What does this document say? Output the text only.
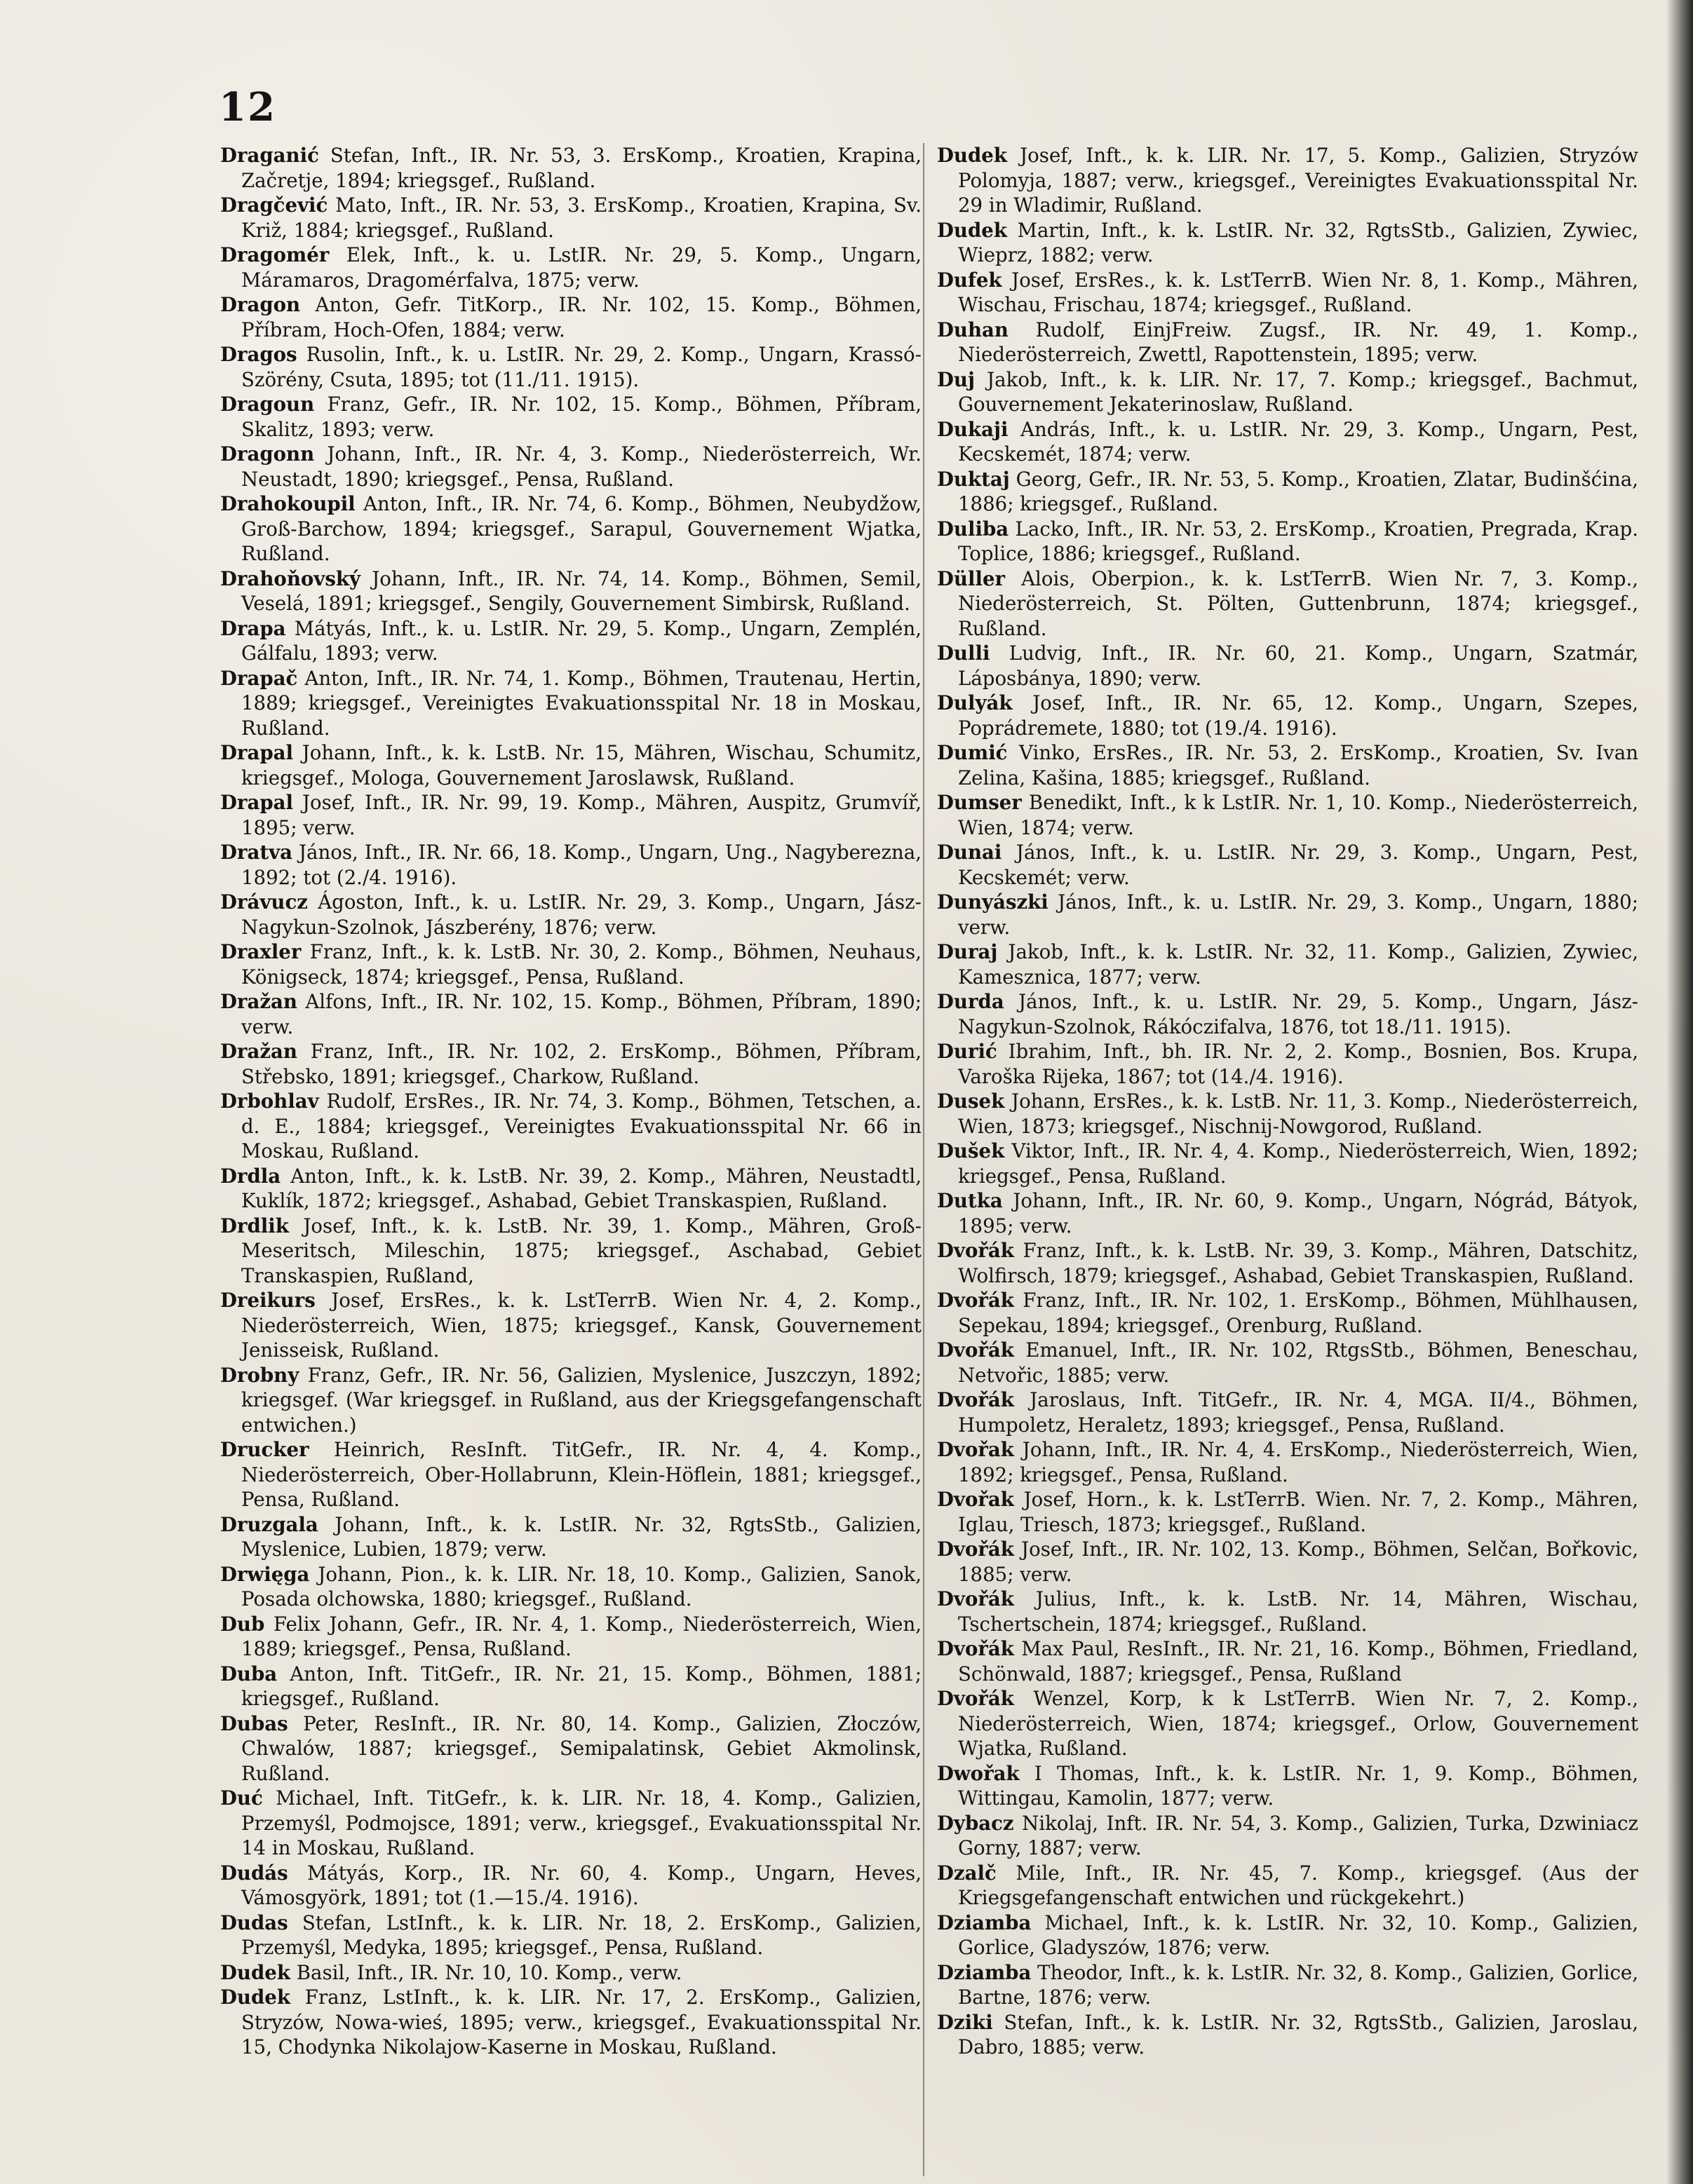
12

Draganić Stefan, Inft., IR. Nr. 53, 3. ErsKomp., Kroatien, Krapina, Začretje, 1894; kriegsgef., Rußland.

Dragčević Mato, Inft., IR. Nr. 53, 3. ErsKomp., Kroatien, Krapina, Sv. Križ, 1884; kriegsgef., Rußland.

Dragomér Elek, Inft., k. u. LstIR. Nr. 29, 5. Komp., Ungarn, Máramaros, Dragomérfalva, 1875; verw.

Dragon Anton, Gefr. TitKorp., IR. Nr. 102, 15. Komp., Böhmen, Příbram, Hoch-Ofen, 1884; verw.

Dragos Rusolin, Inft., k. u. LstIR. Nr. 29, 2. Komp., Ungarn, Krassó-Szörény, Csuta, 1895; tot (11./11. 1915).

Dragoun Franz, Gefr., IR. Nr. 102, 15. Komp., Böhmen, Příbram, Skalitz, 1893; verw.

Dragonn Johann, Inft., IR. Nr. 4, 3. Komp., Niederösterreich, Wr. Neustadt, 1890; kriegsgef., Pensa, Rußland.

Drahokoupil Anton, Inft., IR. Nr. 74, 6. Komp., Böhmen, Neubydžow, Groß-Barchow, 1894; kriegsgef., Sarapul, Gouvernement Wjatka, Rußland.

Drahoňovský Johann, Inft., IR. Nr. 74, 14. Komp., Böhmen, Semil, Veselá, 1891; kriegsgef., Sengily, Gouvernement Simbirsk, Rußland.

Drapa Mátyás, Inft., k. u. LstIR. Nr. 29, 5. Komp., Ungarn, Zemplén, Gálfalu, 1893; verw.

Drapač Anton, Inft., IR. Nr. 74, 1. Komp., Böhmen, Trautenau, Hertin, 1889; kriegsgef., Vereinigtes Evakuationsspital Nr. 18 in Moskau, Rußland.

Drapal Johann, Inft., k. k. LstB. Nr. 15, Mähren, Wischau, Schumitz, kriegsgef., Mologa, Gouvernement Jaroslawsk, Rußland.

Drapal Josef, Inft., IR. Nr. 99, 19. Komp., Mähren, Auspitz, Grumvíř, 1895; verw.

Dratva János, Inft., IR. Nr. 66, 18. Komp., Ungarn, Ung., Nagyberezna, 1892; tot (2./4. 1916).

Drávucz Ágoston, Inft., k. u. LstIR. Nr. 29, 3. Komp., Ungarn, Jász-Nagykun-Szolnok, Jászberény, 1876; verw.

Draxler Franz, Inft., k. k. LstB. Nr. 30, 2. Komp., Böhmen, Neuhaus, Königseck, 1874; kriegsgef., Pensa, Rußland.

Dražan Alfons, Inft., IR. Nr. 102, 15. Komp., Böhmen, Příbram, 1890; verw.

Dražan Franz, Inft., IR. Nr. 102, 2. ErsKomp., Böhmen, Příbram, Střebsko, 1891; kriegsgef., Charkow, Rußland.

Drbohlav Rudolf, ErsRes., IR. Nr. 74, 3. Komp., Böhmen, Tetschen, a. d. E., 1884; kriegsgef., Vereinigtes Evakuationsspital Nr. 66 in Moskau, Rußland.

Drdla Anton, Inft., k. k. LstB. Nr. 39, 2. Komp., Mähren, Neustadtl, Kuklík, 1872; kriegsgef., Ashabad, Gebiet Transkaspien, Rußland.

Drdlik Josef, Inft., k. k. LstB. Nr. 39, 1. Komp., Mähren, Groß-Meseritsch, Mileschin, 1875; kriegsgef., Aschabad, Gebiet Transkaspien, Rußland,

Dreikurs Josef, ErsRes., k. k. LstTerrB. Wien Nr. 4, 2. Komp., Niederösterreich, Wien, 1875; kriegsgef., Kansk, Gouvernement Jenisseisk, Rußland.

Drobny Franz, Gefr., IR. Nr. 56, Galizien, Myslenice, Juszczyn, 1892; kriegsgef. (War kriegsgef. in Rußland, aus der Kriegsgefangenschaft entwichen.)

Drucker Heinrich, ResInft. TitGefr., IR. Nr. 4, 4. Komp., Niederösterreich, Ober-Hollabrunn, Klein-Höflein, 1881; kriegsgef., Pensa, Rußland.

Druzgala Johann, Inft., k. k. LstIR. Nr. 32, RgtsStb., Galizien, Myslenice, Lubien, 1879; verw.

Drwięga Johann, Pion., k. k. LIR. Nr. 18, 10. Komp., Galizien, Sanok, Posada olchowska, 1880; kriegsgef., Rußland.

Dub Felix Johann, Gefr., IR. Nr. 4, 1. Komp., Niederösterreich, Wien, 1889; kriegsgef., Pensa, Rußland.

Duba Anton, Inft. TitGefr., IR. Nr. 21, 15. Komp., Böhmen, 1881; kriegsgef., Rußland.

Dubas Peter, ResInft., IR. Nr. 80, 14. Komp., Galizien, Złoczów, Chwalów, 1887; kriegsgef., Semipalatinsk, Gebiet Akmolinsk, Rußland.

Duć Michael, Inft. TitGefr., k. k. LIR. Nr. 18, 4. Komp., Galizien, Przemyśl, Podmojsce, 1891; verw., kriegsgef., Evakuationsspital Nr. 14 in Moskau, Rußland.

Dudás Mátyás, Korp., IR. Nr. 60, 4. Komp., Ungarn, Heves, Vámosgyörk, 1891; tot (1.—15./4. 1916).

Dudas Stefan, LstInft., k. k. LIR. Nr. 18, 2. ErsKomp., Galizien, Przemyśl, Medyka, 1895; kriegsgef., Pensa, Rußland.

Dudek Basil, Inft., IR. Nr. 10, 10. Komp., verw.

Dudek Franz, LstInft., k. k. LIR. Nr. 17, 2. ErsKomp., Galizien, Stryzów, Nowa-wieś, 1895; verw., kriegsgef., Evakuationsspital Nr. 15, Chodynka Nikolajow-Kaserne in Moskau, Rußland.

Dudek Josef, Inft., k. k. LIR. Nr. 17, 5. Komp., Galizien, Stryzów Polomyja, 1887; verw., kriegsgef., Vereinigtes Evakuationsspital Nr. 29 in Wladimir, Rußland.

Dudek Martin, Inft., k. k. LstIR. Nr. 32, RgtsStb., Galizien, Zywiec, Wieprz, 1882; verw.

Dufek Josef, ErsRes., k. k. LstTerrB. Wien Nr. 8, 1. Komp., Mähren, Wischau, Frischau, 1874; kriegsgef., Rußland.

Duhan Rudolf, EinjFreiw. Zugsf., IR. Nr. 49, 1. Komp., Niederösterreich, Zwettl, Rapottenstein, 1895; verw.

Duj Jakob, Inft., k. k. LIR. Nr. 17, 7. Komp.; kriegsgef., Bachmut, Gouvernement Jekaterinoslaw, Rußland.

Dukaji András, Inft., k. u. LstIR. Nr. 29, 3. Komp., Ungarn, Pest, Kecskemét, 1874; verw.

Duktaj Georg, Gefr., IR. Nr. 53, 5. Komp., Kroatien, Zlatar, Budinšćina, 1886; kriegsgef., Rußland.

Duliba Lacko, Inft., IR. Nr. 53, 2. ErsKomp., Kroatien, Pregrada, Krap. Toplice, 1886; kriegsgef., Rußland.

Düller Alois, Oberpion., k. k. LstTerrB. Wien Nr. 7, 3. Komp., Niederösterreich, St. Pölten, Guttenbrunn, 1874; kriegsgef., Rußland.

Dulli Ludvig, Inft., IR. Nr. 60, 21. Komp., Ungarn, Szatmár, Láposbánya, 1890; verw.

Dulyák Josef, Inft., IR. Nr. 65, 12. Komp., Ungarn, Szepes, Poprádremete, 1880; tot (19./4. 1916).

Dumić Vinko, ErsRes., IR. Nr. 53, 2. ErsKomp., Kroatien, Sv. Ivan Zelina, Kašina, 1885; kriegsgef., Rußland.

Dumser Benedikt, Inft., k k LstIR. Nr. 1, 10. Komp., Niederösterreich, Wien, 1874; verw.

Dunai János, Inft., k. u. LstIR. Nr. 29, 3. Komp., Ungarn, Pest, Kecskemét; verw.

Dunyászki János, Inft., k. u. LstIR. Nr. 29, 3. Komp., Ungarn, 1880; verw.

Duraj Jakob, Inft., k. k. LstIR. Nr. 32, 11. Komp., Galizien, Zywiec, Kamesznica, 1877; verw.

Durda János, Inft., k. u. LstIR. Nr. 29, 5. Komp., Ungarn, Jász-Nagykun-Szolnok, Rákóczifalva, 1876, tot 18./11. 1915).

Durić Ibrahim, Inft., bh. IR. Nr. 2, 2. Komp., Bosnien, Bos. Krupa, Varoška Rijeka, 1867; tot (14./4. 1916).

Dusek Johann, ErsRes., k. k. LstB. Nr. 11, 3. Komp., Niederösterreich, Wien, 1873; kriegsgef., Nischnij-Nowgorod, Rußland.

Dušek Viktor, Inft., IR. Nr. 4, 4. Komp., Niederösterreich, Wien, 1892; kriegsgef., Pensa, Rußland.

Dutka Johann, Inft., IR. Nr. 60, 9. Komp., Ungarn, Nógrád, Bátyok, 1895; verw.

Dvořák Franz, Inft., k. k. LstB. Nr. 39, 3. Komp., Mähren, Datschitz, Wolfirsch, 1879; kriegsgef., Ashabad, Gebiet Transkaspien, Rußland.

Dvořák Franz, Inft., IR. Nr. 102, 1. ErsKomp., Böhmen, Mühlhausen, Sepekau, 1894; kriegsgef., Orenburg, Rußland.

Dvořák Emanuel, Inft., IR. Nr. 102, RtgsStb., Böhmen, Beneschau, Netvořic, 1885; verw.

Dvořák Jaroslaus, Inft. TitGefr., IR. Nr. 4, MGA. II/4., Böhmen, Humpoletz, Heraletz, 1893; kriegsgef., Pensa, Rußland.

Dvořak Johann, Inft., IR. Nr. 4, 4. ErsKomp., Niederösterreich, Wien, 1892; kriegsgef., Pensa, Rußland.

Dvořak Josef, Horn., k. k. LstTerrB. Wien. Nr. 7, 2. Komp., Mähren, Iglau, Triesch, 1873; kriegsgef., Rußland.

Dvořák Josef, Inft., IR. Nr. 102, 13. Komp., Böhmen, Selčan, Bořkovic, 1885; verw.

Dvořák Julius, Inft., k. k. LstB. Nr. 14, Mähren, Wischau, Tschertschein, 1874; kriegsgef., Rußland.

Dvořák Max Paul, ResInft., IR. Nr. 21, 16. Komp., Böhmen, Friedland, Schönwald, 1887; kriegsgef., Pensa, Rußland

Dvořák Wenzel, Korp, k k LstTerrB. Wien Nr. 7, 2. Komp., Niederösterreich, Wien, 1874; kriegsgef., Orlow, Gouvernement Wjatka, Rußland.

Dwořak I Thomas, Inft., k. k. LstIR. Nr. 1, 9. Komp., Böhmen, Wittingau, Kamolin, 1877; verw.

Dybacz Nikolaj, Inft. IR. Nr. 54, 3. Komp., Galizien, Turka, Dzwiniacz Gorny, 1887; verw.

Dzalč Mile, Inft., IR. Nr. 45, 7. Komp., kriegsgef. (Aus der Kriegsgefangenschaft entwichen und rückgekehrt.)

Dziamba Michael, Inft., k. k. LstIR. Nr. 32, 10. Komp., Galizien, Gorlice, Gladyszów, 1876; verw.

Dziamba Theodor, Inft., k. k. LstIR. Nr. 32, 8. Komp., Galizien, Gorlice, Bartne, 1876; verw.

Dziki Stefan, Inft., k. k. LstIR. Nr. 32, RgtsStb., Galizien, Jaroslau, Dabro, 1885; verw.
